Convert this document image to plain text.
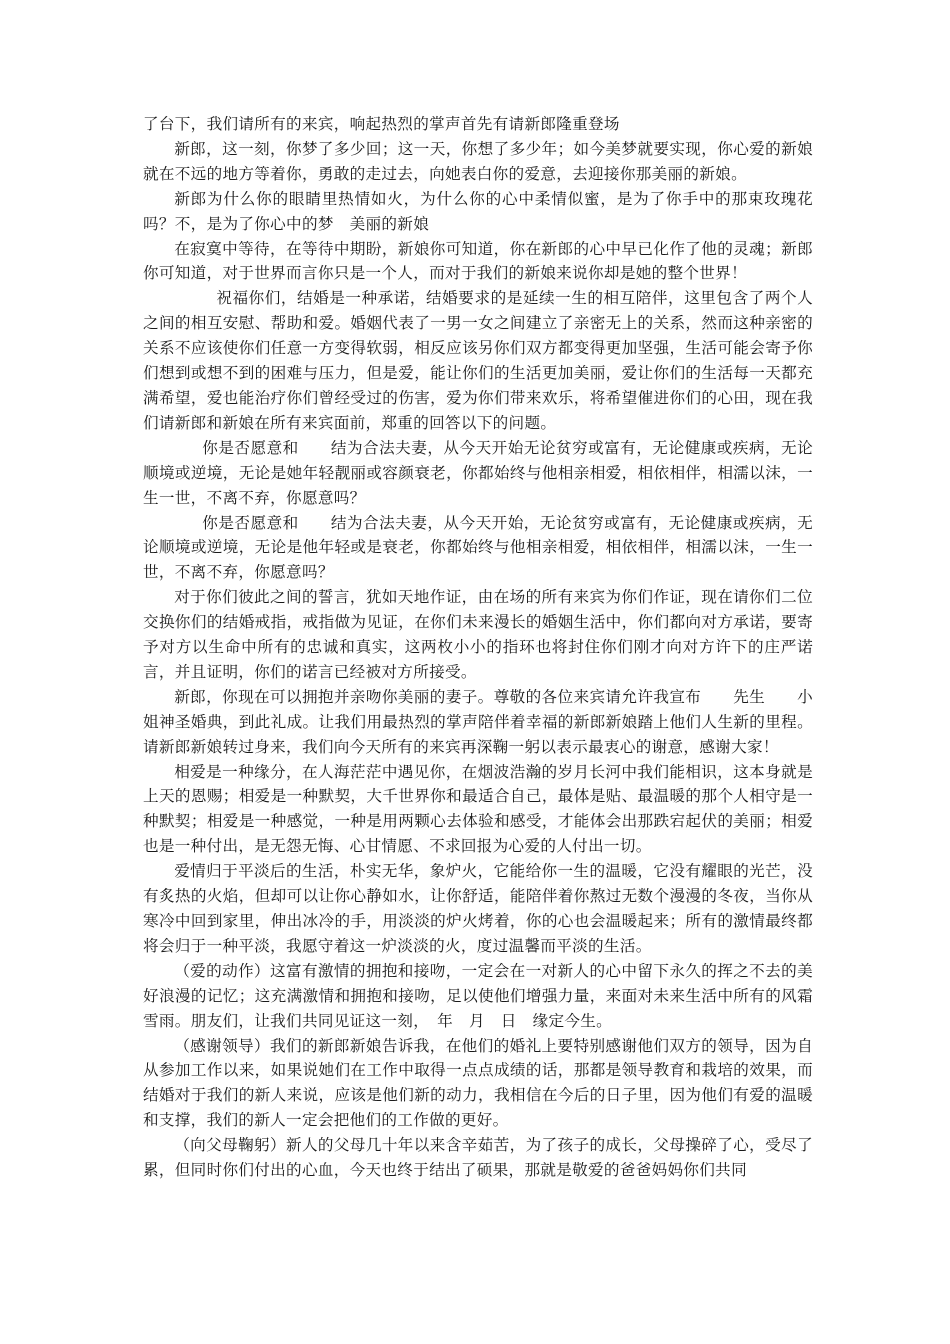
了台下，我们请所有的来宾，响起热烈的掌声首先有请新郎隆重登场

新郎，这一刻，你梦了多少回；这一天，你想了多少年；如今美梦就要实现，你心爱的新娘就在不远的地方等着你，勇敢的走过去，向她表白你的爱意，去迎接你那美丽的新娘。

新郎为什么你的眼睛里热情如火，为什么你的心中柔情似蜜，是为了你手中的那束玫瑰花吗？不，是为了你心中的梦　美丽的新娘

在寂寞中等待，在等待中期盼，新娘你可知道，你在新郎的心中早已化作了他的灵魂；新郎你可知道，对于世界而言你只是一个人，而对于我们的新娘来说你却是她的整个世界！

祝福你们，结婚是一种承诺，结婚要求的是延续一生的相互陪伴，这里包含了两个人之间的相互安慰、帮助和爱。婚姻代表了一男一女之间建立了亲密无上的关系，然而这种亲密的关系不应该使你们任意一方变得软弱，相反应该另你们双方都变得更加坚强，生活可能会寄予你们想到或想不到的困难与压力，但是爱，能让你们的生活更加美丽，爱让你们的生活每一天都充满希望，爱也能治疗你们曾经受过的伤害，爱为你们带来欢乐，将希望催进你们的心田，现在我们请新郎和新娘在所有来宾面前，郑重的回答以下的问题。

你是否愿意和　　结为合法夫妻，从今天开始无论贫穷或富有，无论健康或疾病，无论顺境或逆境，无论是她年轻靓丽或容颜衰老，你都始终与他相亲相爱，相依相伴，相濡以沫，一生一世，不离不弃，你愿意吗？

你是否愿意和　　结为合法夫妻，从今天开始，无论贫穷或富有，无论健康或疾病，无论顺境或逆境，无论是他年轻或是衰老，你都始终与他相亲相爱，相依相伴，相濡以沫，一生一世，不离不弃，你愿意吗？

对于你们彼此之间的誓言，犹如天地作证，由在场的所有来宾为你们作证，现在请你们二位交换你们的结婚戒指，戒指做为见证，在你们未来漫长的婚姻生活中，你们都向对方承诺，要寄予对方以生命中所有的忠诚和真实，这两枚小小的指环也将封住你们刚才向对方许下的庄严诺言，并且证明，你们的诺言已经被对方所接受。

新郎，你现在可以拥抱并亲吻你美丽的妻子。尊敬的各位来宾请允许我宣布　　先生　　小姐神圣婚典，到此礼成。让我们用最热烈的掌声陪伴着幸福的新郎新娘踏上他们人生新的里程。请新郎新娘转过身来，我们向今天所有的来宾再深鞠一躬以表示最衷心的谢意，感谢大家！

相爱是一种缘分，在人海茫茫中遇见你，在烟波浩瀚的岁月长河中我们能相识，这本身就是上天的恩赐；相爱是一种默契，大千世界你和最适合自己，最体是贴、最温暖的那个人相守是一种默契；相爱是一种感觉，一种是用两颗心去体验和感受，才能体会出那跌宕起伏的美丽；相爱也是一种付出，是无怨无悔、心甘情愿、不求回报为心爱的人付出一切。

爱情归于平淡后的生活，朴实无华，象炉火，它能给你一生的温暖，它没有耀眼的光芒，没有炙热的火焰，但却可以让你心静如水，让你舒适，能陪伴着你熬过无数个漫漫的冬夜，当你从寒冷中回到家里，伸出冰冷的手，用淡淡的炉火烤着，你的心也会温暖起来；所有的激情最终都将会归于一种平淡，我愿守着这一炉淡淡的火，度过温馨而平淡的生活。

（爱的动作）这富有激情的拥抱和接吻，一定会在一对新人的心中留下永久的挥之不去的美好浪漫的记忆；这充满激情和拥抱和接吻，足以使他们增强力量，来面对未来生活中所有的风霜雪雨。朋友们，让我们共同见证这一刻，　年　月　日　缘定今生。

（感谢领导）我们的新郎新娘告诉我，在他们的婚礼上要特别感谢他们双方的领导，因为自从参加工作以来，如果说她们在工作中取得一点点成绩的话，那都是领导教育和栽培的效果，而结婚对于我们的新人来说，应该是他们新的动力，我相信在今后的日子里，因为他们有爱的温暖和支撑，我们的新人一定会把他们的工作做的更好。

（向父母鞠躬）新人的父母几十年以来含辛茹苦，为了孩子的成长，父母操碎了心，受尽了累，但同时你们付出的心血，今天也终于结出了硕果，那就是敬爱的爸爸妈妈你们共同
